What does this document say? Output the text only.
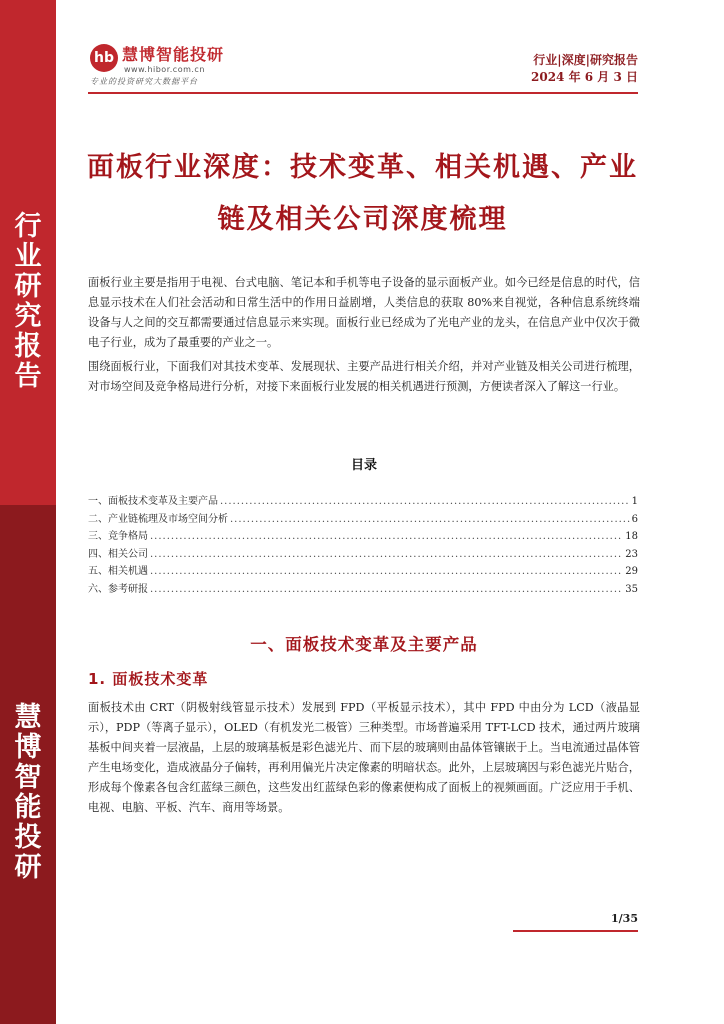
行业研究报告
慧博智能投研
hb 慧博智能投研
www.hibor.com.cn
专业的投资研究大数据平台
行业|深度|研究报告
2024 年 6 月 3 日
面板行业深度：技术变革、相关机遇、产业
链及相关公司深度梳理
面板行业主要是指用于电视、台式电脑、笔记本和手机等电子设备的显示面板产业。如今已经是信息的时代，信息显示技术在人们社会活动和日常生活中的作用日益剧增，人类信息的获取 80%来自视觉，各种信息系统终端设备与人之间的交互都需要通过信息显示来实现。面板行业已经成为了光电产业的龙头，在信息产业中仅次于微电子行业，成为了最重要的产业之一。
围绕面板行业，下面我们对其技术变革、发展现状、主要产品进行相关介绍，并对产业链及相关公司进行梳理，对市场空间及竞争格局进行分析，对接下来面板行业发展的相关机遇进行预测，方便读者深入了解这一行业。
目录
一、面板技术变革及主要产品 .....	1
二、产业链梳理及市场空间分析 .....	6
三、竞争格局 .....	18
四、相关公司 .....	23
五、相关机遇 .....	29
六、参考研报 .....	35
一、面板技术变革及主要产品
1. 面板技术变革
面板技术由 CRT（阴极射线管显示技术）发展到 FPD（平板显示技术），其中 FPD 中由分为 LCD（液晶显示），PDP（等离子显示），OLED（有机发光二极管）三种类型。市场普遍采用 TFT-LCD 技术，通过两片玻璃基板中间夹着一层液晶，上层的玻璃基板是彩色滤光片、而下层的玻璃则由晶体管镶嵌于上。当电流通过晶体管产生电场变化，造成液晶分子偏转，再利用偏光片决定像素的明暗状态。此外，上层玻璃因与彩色滤光片贴合，形成每个像素各包含红蓝绿三颜色，这些发出红蓝绿色彩的像素便构成了面板上的视频画面。广泛应用于手机、电视、电脑、平板、汽车、商用等场景。
1/35
